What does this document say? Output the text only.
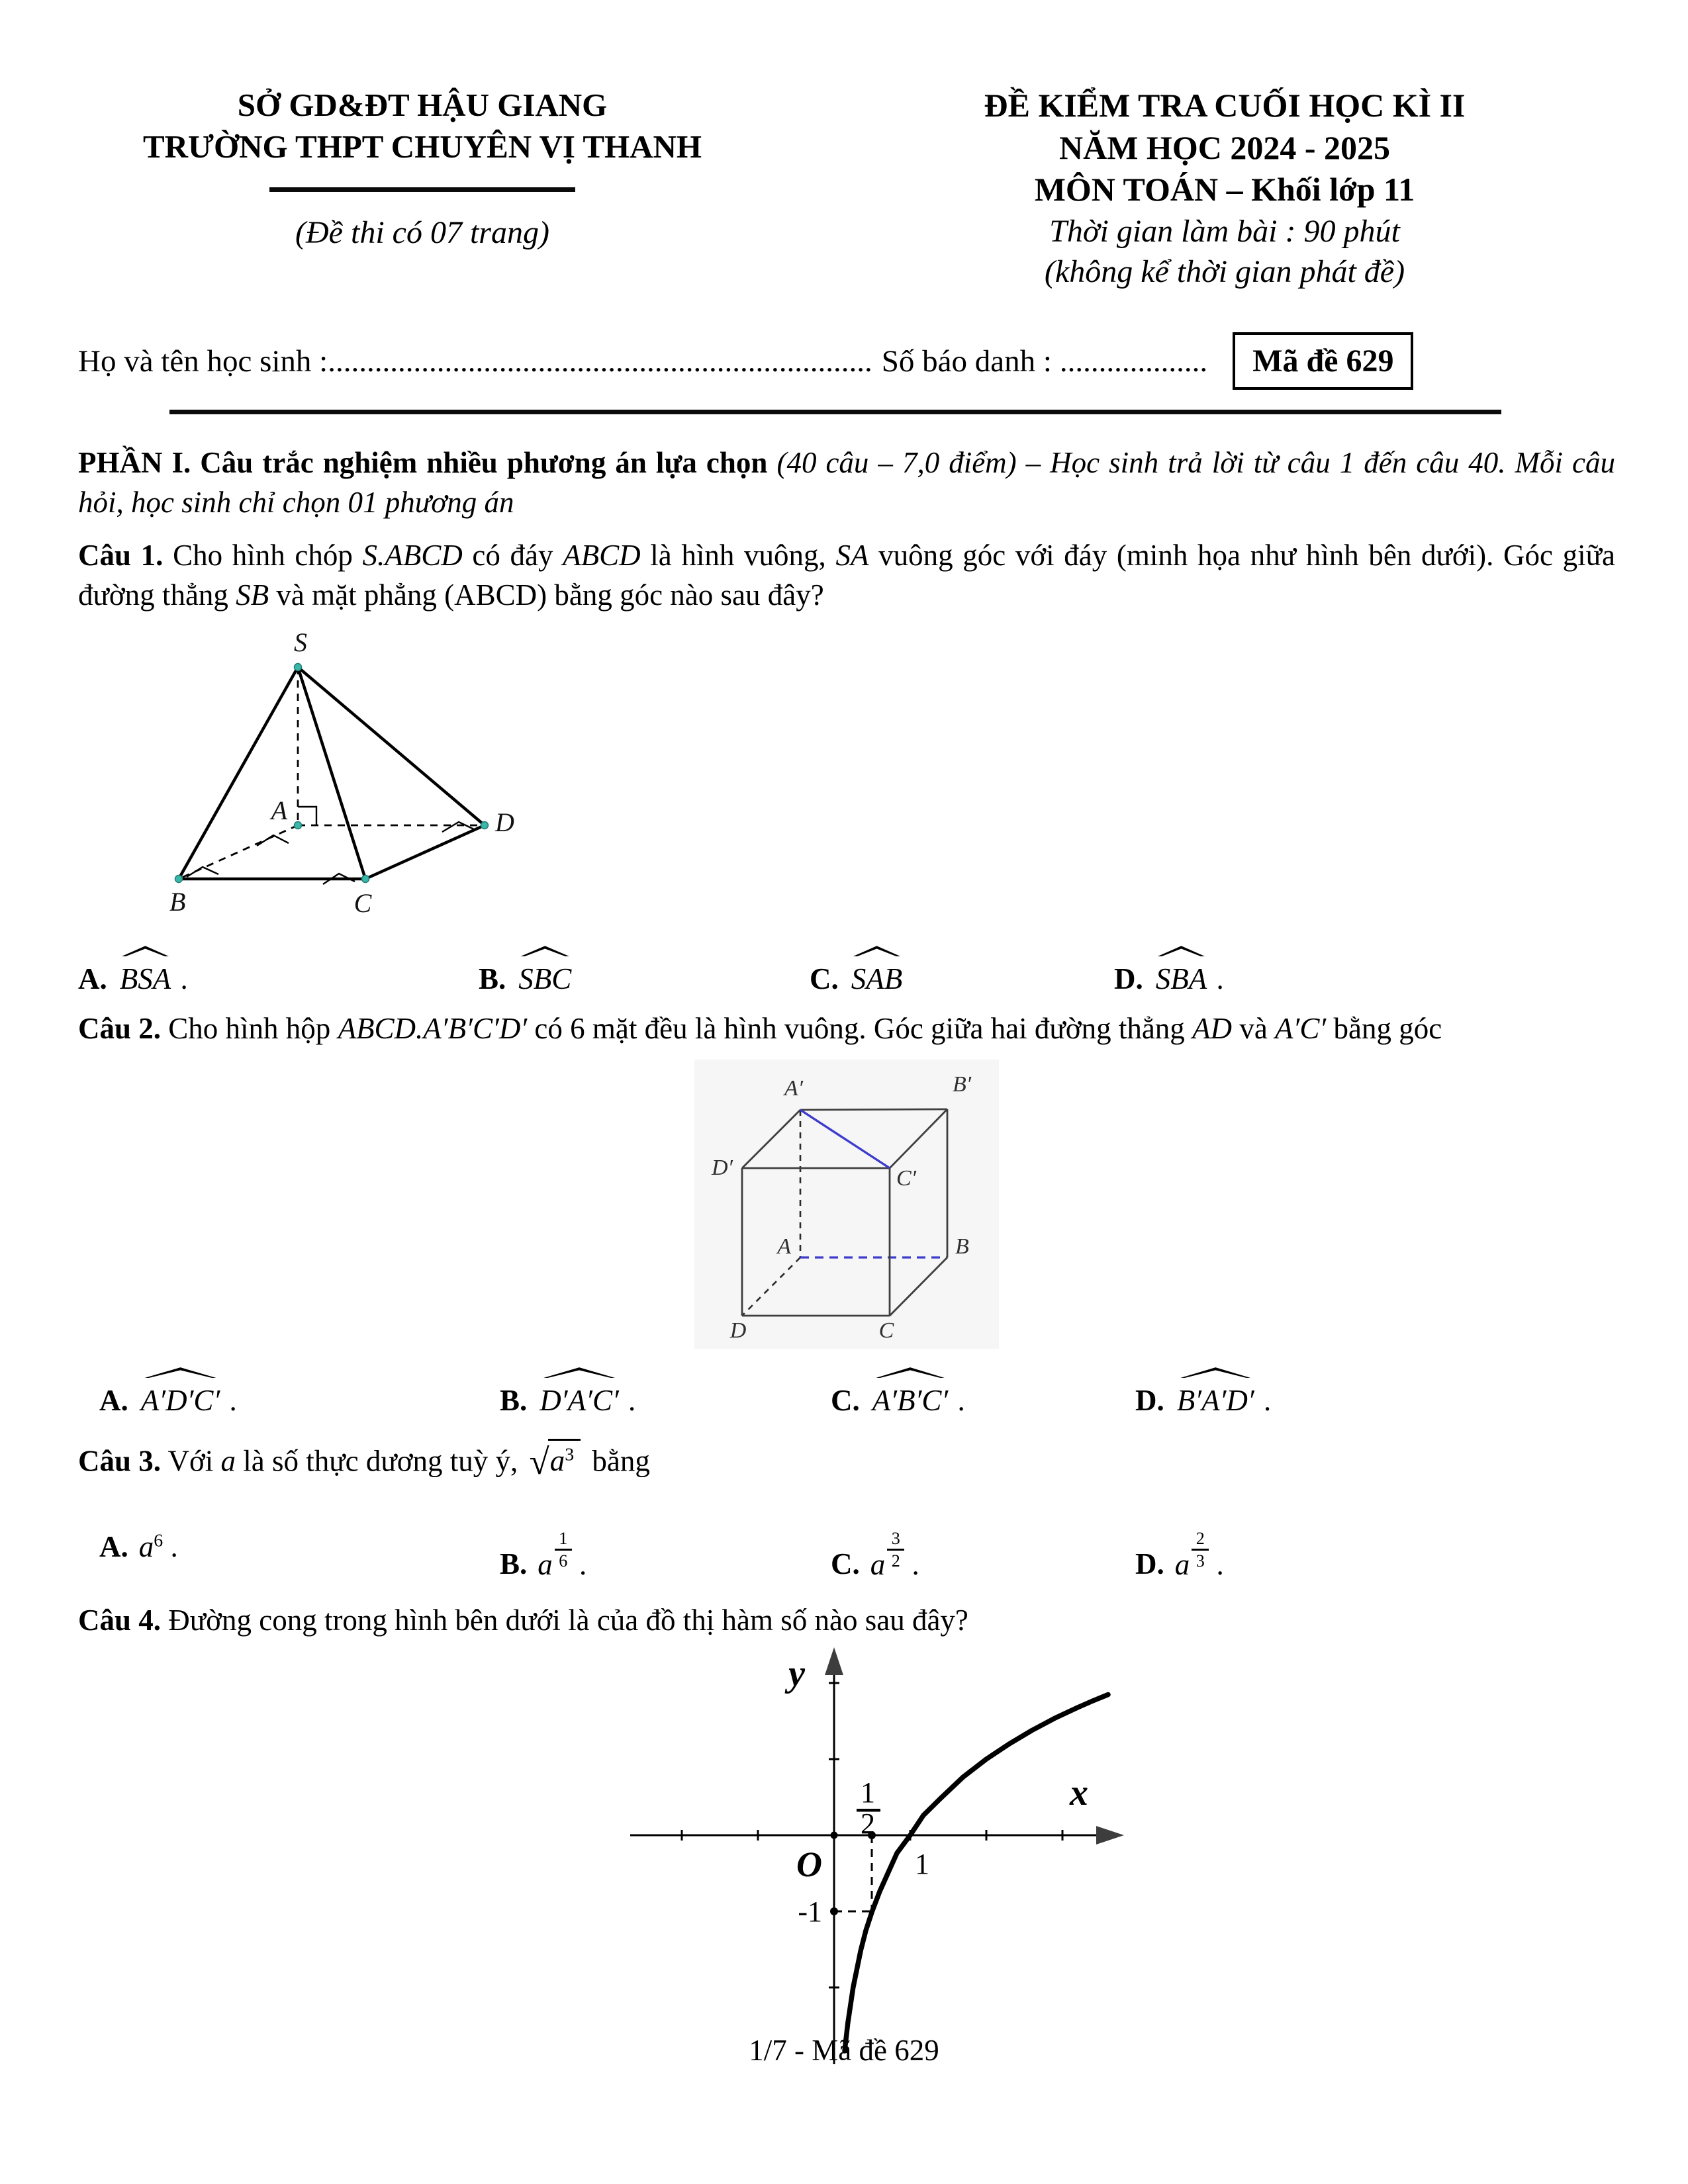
SỞ GD&ĐT HẬU GIANG
TRƯỜNG THPT CHUYÊN VỊ THANH
(Đề thi có 07 trang)
ĐỀ KIỂM TRA CUỐI HỌC KÌ II
NĂM HỌC 2024 - 2025
MÔN TOÁN – Khối lớp 11
Thời gian làm bài : 90 phút
(không kể thời gian phát đề)
Họ và tên học sinh : ...................................................................... Số báo danh : ...................	Mã đề 629
PHẦN I. Câu trắc nghiệm nhiều phương án lựa chọn (40 câu – 7,0 điểm) – Học sinh trả lời từ câu 1 đến câu 40. Mỗi câu hỏi, học sinh chỉ chọn 01 phương án
Câu 1. Cho hình chóp S.ABCD có đáy ABCD là hình vuông, SA vuông góc với đáy (minh họa như hình bên dưới). Góc giữa đường thẳng SB và mặt phẳng (ABCD) bằng góc nào sau đây?
S
A
B	C
D
A. BSA .	B. SBC	C. SAB	D. SBA .
Câu 2. Cho hình hộp ABCD.A′B′C′D′ có 6 mặt đều là hình vuông. Góc giữa hai đường thẳng AD và A′C′ bằng góc
A′	B′
D′	C′
A	B
D	C
A. A′D′C′ .	B. D′A′C′ .	C. A′B′C′ .	D. B′A′D′ .
Câu 3. Với a là số thực dương tuỳ ý, $√a^3$ bằng
A. $a^6$ .
B. a $\frac{1}{6}$ .	C. a $\frac{3}{2}$ .	D. a $\frac{2}{3}$ .
Câu 4. Đường cong trong hình bên dưới là của đồ thị hàm số nào sau đây?
1
2
y
x
O	1
-1
1/7 - Mã đề 629
